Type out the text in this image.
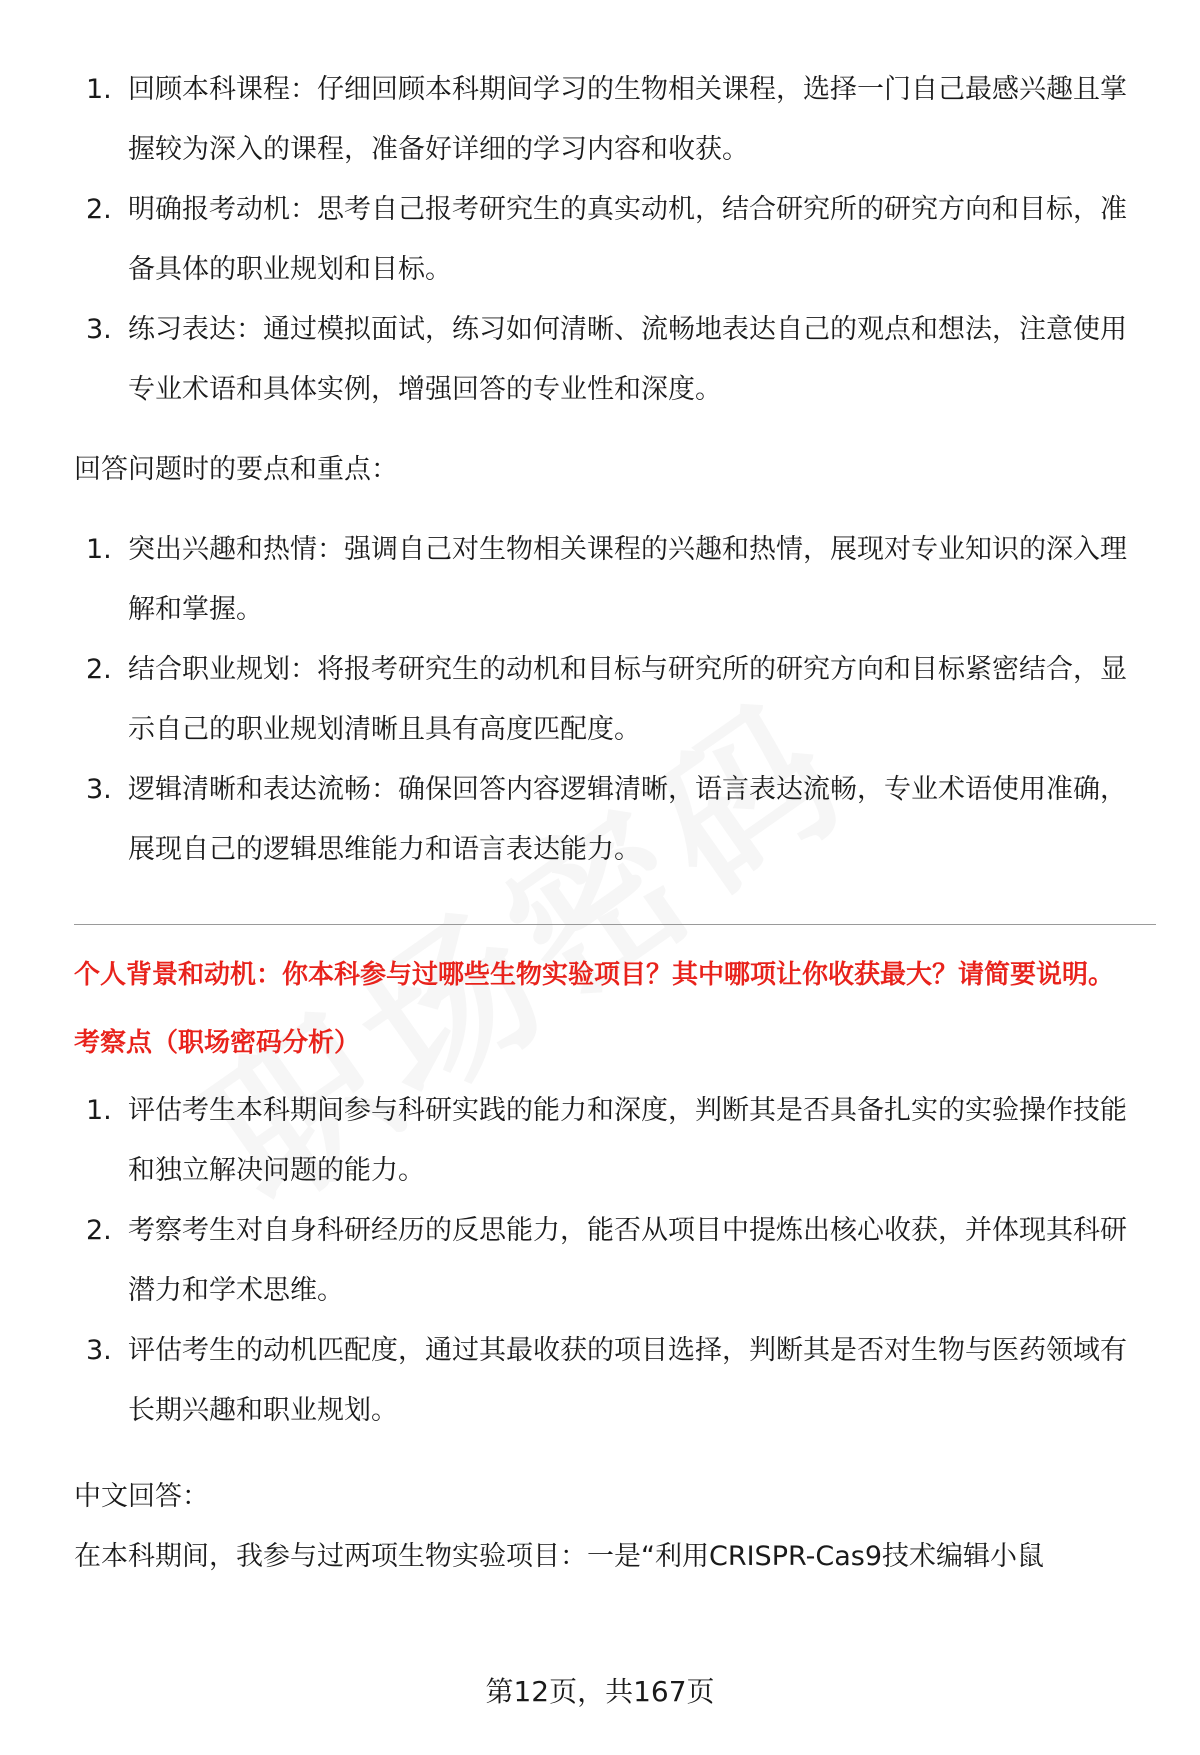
1. 回顾本科课程：仔细回顾本科期间学习的生物相关课程，选择一门自己最感兴趣且掌握较为深入的课程，准备好详细的学习内容和收获。
2. 明确报考动机：思考自己报考研究生的真实动机，结合研究所的研究方向和目标，准备具体的职业规划和目标。
3. 练习表达：通过模拟面试，练习如何清晰、流畅地表达自己的观点和想法，注意使用专业术语和具体实例，增强回答的专业性和深度。

回答问题时的要点和重点：

1. 突出兴趣和热情：强调自己对生物相关课程的兴趣和热情，展现对专业知识的深入理解和掌握。
2. 结合职业规划：将报考研究生的动机和目标与研究所的研究方向和目标紧密结合，显示自己的职业规划清晰且具有高度匹配度。
3. 逻辑清晰和表达流畅：确保回答内容逻辑清晰，语言表达流畅，专业术语使用准确，展现自己的逻辑思维能力和语言表达能力。

个人背景和动机：你本科参与过哪些生物实验项目？其中哪项让你收获最大？请简要说明。

考察点（职场密码分析）

1. 评估考生本科期间参与科研实践的能力和深度，判断其是否具备扎实的实验操作技能和独立解决问题的能力。
2. 考察考生对自身科研经历的反思能力，能否从项目中提炼出核心收获，并体现其科研潜力和学术思维。
3. 评估考生的动机匹配度，通过其最收获的项目选择，判断其是否对生物与医药领域有长期兴趣和职业规划。

中文回答：

在本科期间，我参与过两项生物实验项目：一是“利用CRISPR-Cas9技术编辑小鼠

第12页，共167页
